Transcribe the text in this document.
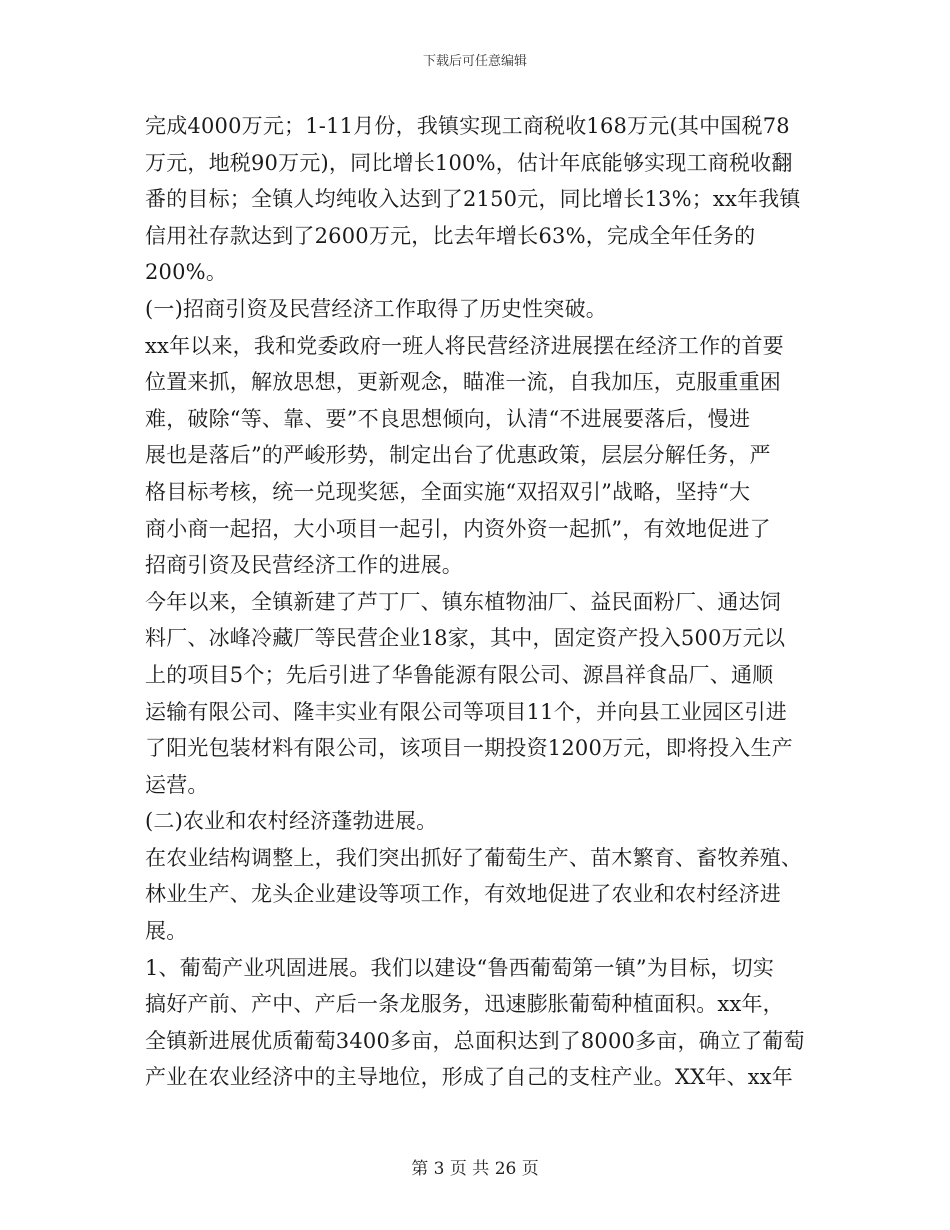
下载后可任意编辑
完成4000万元；1-11月份，我镇实现工商税收168万元(其中国税78
万元，地税90万元)，同比增长100%，估计年底能够实现工商税收翻
番的目标；全镇人均纯收入达到了2150元，同比增长13%；xx年我镇
信用社存款达到了2600万元，比去年增长63%，完成全年任务的
200%。
(一)招商引资及民营经济工作取得了历史性突破。
xx年以来，我和党委政府一班人将民营经济进展摆在经济工作的首要
位置来抓，解放思想，更新观念，瞄准一流，自我加压，克服重重困
难，破除“等、靠、要”不良思想倾向，认清“不进展要落后，慢进
展也是落后”的严峻形势，制定出台了优惠政策，层层分解任务，严
格目标考核，统一兑现奖惩，全面实施“双招双引”战略，坚持“大
商小商一起招，大小项目一起引，内资外资一起抓”，有效地促进了
招商引资及民营经济工作的进展。
今年以来，全镇新建了芦丁厂、镇东植物油厂、益民面粉厂、通达饲
料厂、冰峰冷藏厂等民营企业18家，其中，固定资产投入500万元以
上的项目5个；先后引进了华鲁能源有限公司、源昌祥食品厂、通顺
运输有限公司、隆丰实业有限公司等项目11个，并向县工业园区引进
了阳光包装材料有限公司，该项目一期投资1200万元，即将投入生产
运营。
(二)农业和农村经济蓬勃进展。
在农业结构调整上，我们突出抓好了葡萄生产、苗木繁育、畜牧养殖、
林业生产、龙头企业建设等项工作，有效地促进了农业和农村经济进
展。
1、葡萄产业巩固进展。我们以建设“鲁西葡萄第一镇”为目标，切实
搞好产前、产中、产后一条龙服务，迅速膨胀葡萄种植面积。xx年，
全镇新进展优质葡萄3400多亩，总面积达到了8000多亩，确立了葡萄
产业在农业经济中的主导地位，形成了自己的支柱产业。XX年、xx年
第 3 页 共 26 页
